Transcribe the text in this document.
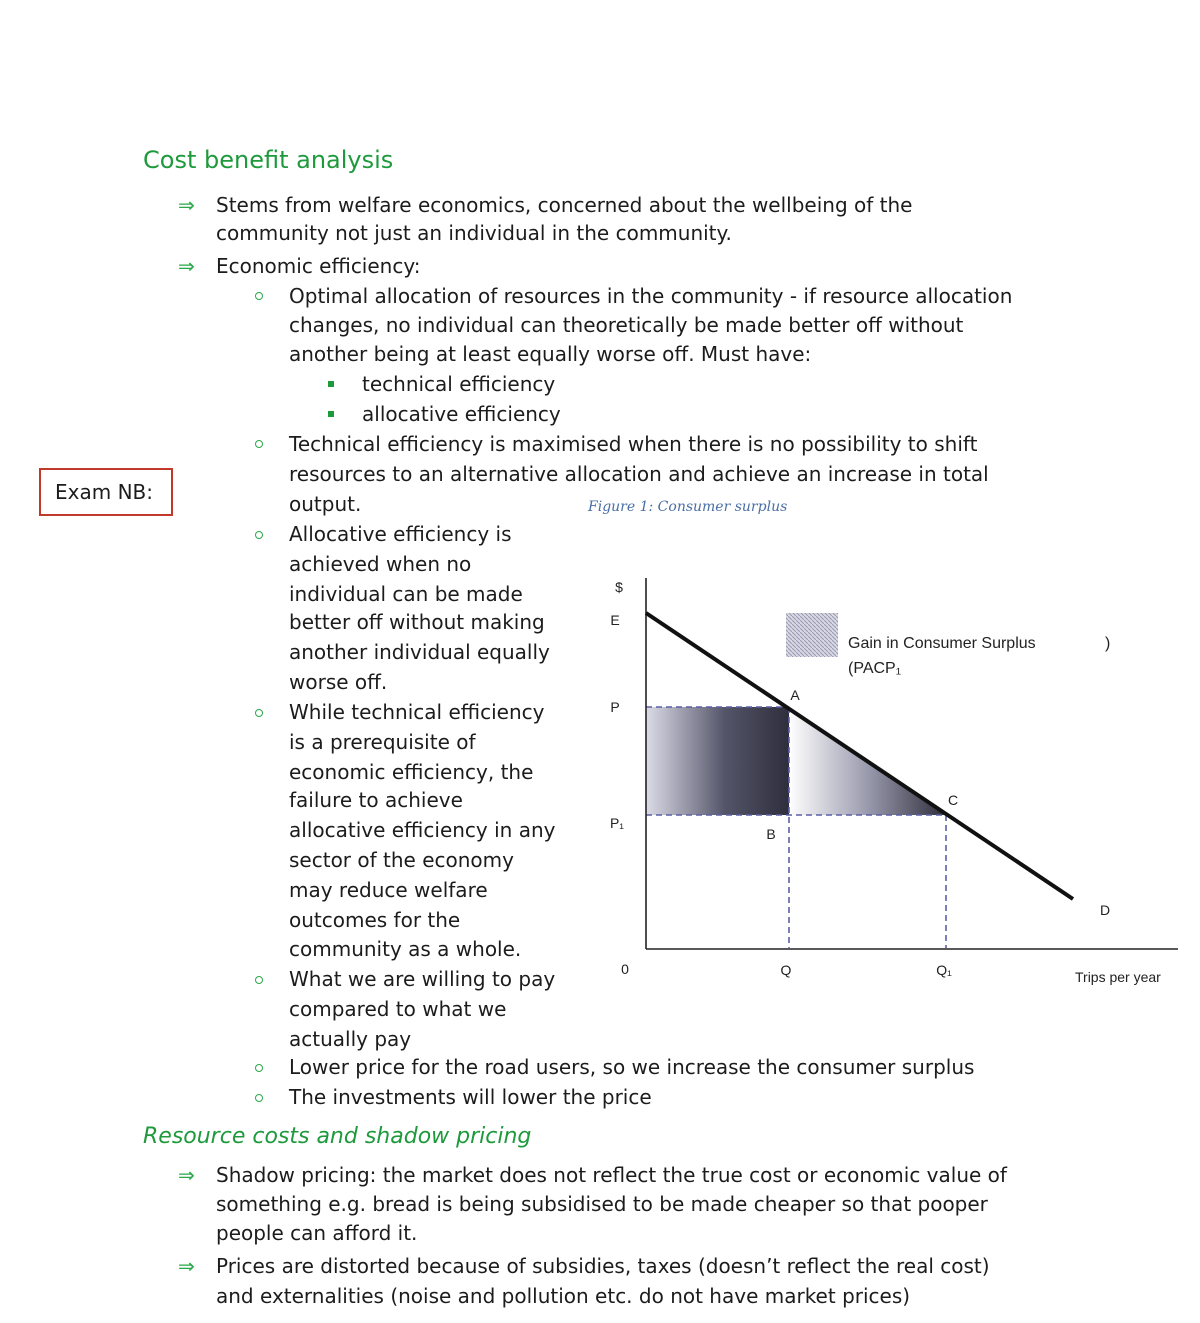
Cost benefit analysis
⇒ Stems from welfare economics, concerned about the wellbeing of the
community not just an individual in the community.
⇒ Economic efficiency:
Optimal allocation of resources in the community - if resource allocation
changes, no individual can theoretically be made better off without
another being at least equally worse off. Must have:
technical efficiency
allocative efficiency
Technical efficiency is maximised when there is no possibility to shift
resources to an alternative allocation and achieve an increase in total
output.
Exam NB:
Figure 1: Consumer surplus
Allocative efficiency is
achieved when no
individual can be made
better off without making
another individual equally
worse off.
While technical efficiency
is a prerequisite of
economic efficiency, the
failure to achieve
allocative efficiency in any
sector of the economy
may reduce welfare
outcomes for the
community as a whole.
What we are willing to pay
compared to what we
actually pay
Lower price for the road users, so we increase the consumer surplus
The investments will lower the price
Resource costs and shadow pricing
⇒ Shadow pricing: the market does not reflect the true cost or economic value of
something e.g. bread is being subsidised to be made cheaper so that pooper
people can afford it.
⇒ Prices are distorted because of subsidies, taxes (doesn’t reflect the real cost)
and externalities (noise and pollution etc. do not have market prices)
$
E
P
P₁
0	Q	Q₁	Trips per year
A
B
C
D
Gain in Consumer Surplus
(PACP₁
)
